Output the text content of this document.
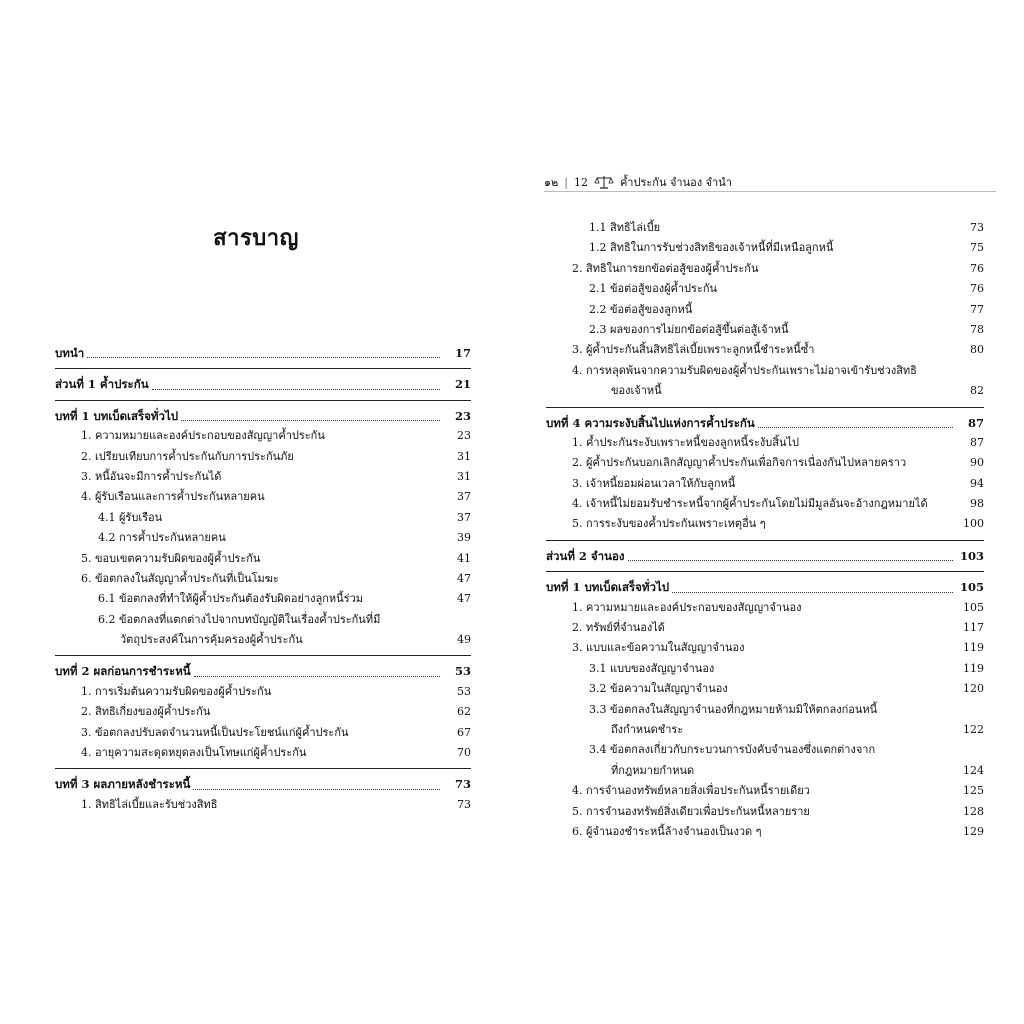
สารบาญ
บทนำ	17
ส่วนที่ 1 ค้ำประกัน	21
บทที่ 1 บทเบ็ดเสร็จทั่วไป	23
1. ความหมายและองค์ประกอบของสัญญาค้ำประกัน	23
2. เปรียบเทียบการค้ำประกันกับการประกันภัย	31
3. หนี้อันจะมีการค้ำประกันได้	31
4. ผู้รับเรือนและการค้ำประกันหลายคน	37
4.1 ผู้รับเรือน	37
4.2 การค้ำประกันหลายคน	39
5. ขอบเขตความรับผิดของผู้ค้ำประกัน	41
6. ข้อตกลงในสัญญาค้ำประกันที่เป็นโมฆะ	47
6.1 ข้อตกลงที่ทำให้ผู้ค้ำประกันต้องรับผิดอย่างลูกหนี้ร่วม	47
6.2 ข้อตกลงที่แตกต่างไปจากบทบัญญัติในเรื่องค้ำประกันที่มี
วัตถุประสงค์ในการคุ้มครองผู้ค้ำประกัน	49
บทที่ 2 ผลก่อนการชำระหนี้	53
1. การเริ่มต้นความรับผิดของผู้ค้ำประกัน	53
2. สิทธิเกี่ยงของผู้ค้ำประกัน	62
3. ข้อตกลงปรับลดจำนวนหนี้เป็นประโยชน์แก่ผู้ค้ำประกัน	67
4. อายุความสะดุดหยุดลงเป็นโทษแก่ผู้ค้ำประกัน	70
บทที่ 3 ผลภายหลังชำระหนี้	73
1. สิทธิไล่เบี้ยและรับช่วงสิทธิ	73
๑๒ | 12	ค้ำประกัน จำนอง จำนำ
1.1 สิทธิไล่เบี้ย	73
1.2 สิทธิในการรับช่วงสิทธิของเจ้าหนี้ที่มีเหนือลูกหนี้	75
2. สิทธิในการยกข้อต่อสู้ของผู้ค้ำประกัน	76
2.1 ข้อต่อสู้ของผู้ค้ำประกัน	76
2.2 ข้อต่อสู้ของลูกหนี้	77
2.3 ผลของการไม่ยกข้อต่อสู้ขึ้นต่อสู้เจ้าหนี้	78
3. ผู้ค้ำประกันสิ้นสิทธิไล่เบี้ยเพราะลูกหนี้ชำระหนี้ซ้ำ	80
4. การหลุดพ้นจากความรับผิดของผู้ค้ำประกันเพราะไม่อาจเข้ารับช่วงสิทธิ
ของเจ้าหนี้	82
บทที่ 4 ความระงับสิ้นไปแห่งการค้ำประกัน	87
1. ค้ำประกันระงับเพราะหนี้ของลูกหนี้ระงับสิ้นไป	87
2. ผู้ค้ำประกันบอกเลิกสัญญาค้ำประกันเพื่อกิจการเนื่องกันไปหลายคราว	90
3. เจ้าหนี้ยอมผ่อนเวลาให้กับลูกหนี้	94
4. เจ้าหนี้ไม่ยอมรับชำระหนี้จากผู้ค้ำประกันโดยไม่มีมูลอันจะอ้างกฎหมายได้	98
5. การระงับของค้ำประกันเพราะเหตุอื่น ๆ	100
ส่วนที่ 2 จำนอง	103
บทที่ 1 บทเบ็ดเสร็จทั่วไป	105
1. ความหมายและองค์ประกอบของสัญญาจำนอง	105
2. ทรัพย์ที่จำนองได้	117
3. แบบและข้อความในสัญญาจำนอง	119
3.1 แบบของสัญญาจำนอง	119
3.2 ข้อความในสัญญาจำนอง	120
3.3 ข้อตกลงในสัญญาจำนองที่กฎหมายห้ามมิให้ตกลงก่อนหนี้
ถึงกำหนดชำระ	122
3.4 ข้อตกลงเกี่ยวกับกระบวนการบังคับจำนองซึ่งแตกต่างจาก
ที่กฎหมายกำหนด	124
4. การจำนองทรัพย์หลายสิ่งเพื่อประกันหนี้รายเดียว	125
5. การจำนองทรัพย์สิ่งเดียวเพื่อประกันหนี้หลายราย	128
6. ผู้จำนองชำระหนี้ล้างจำนองเป็นงวด ๆ	129
